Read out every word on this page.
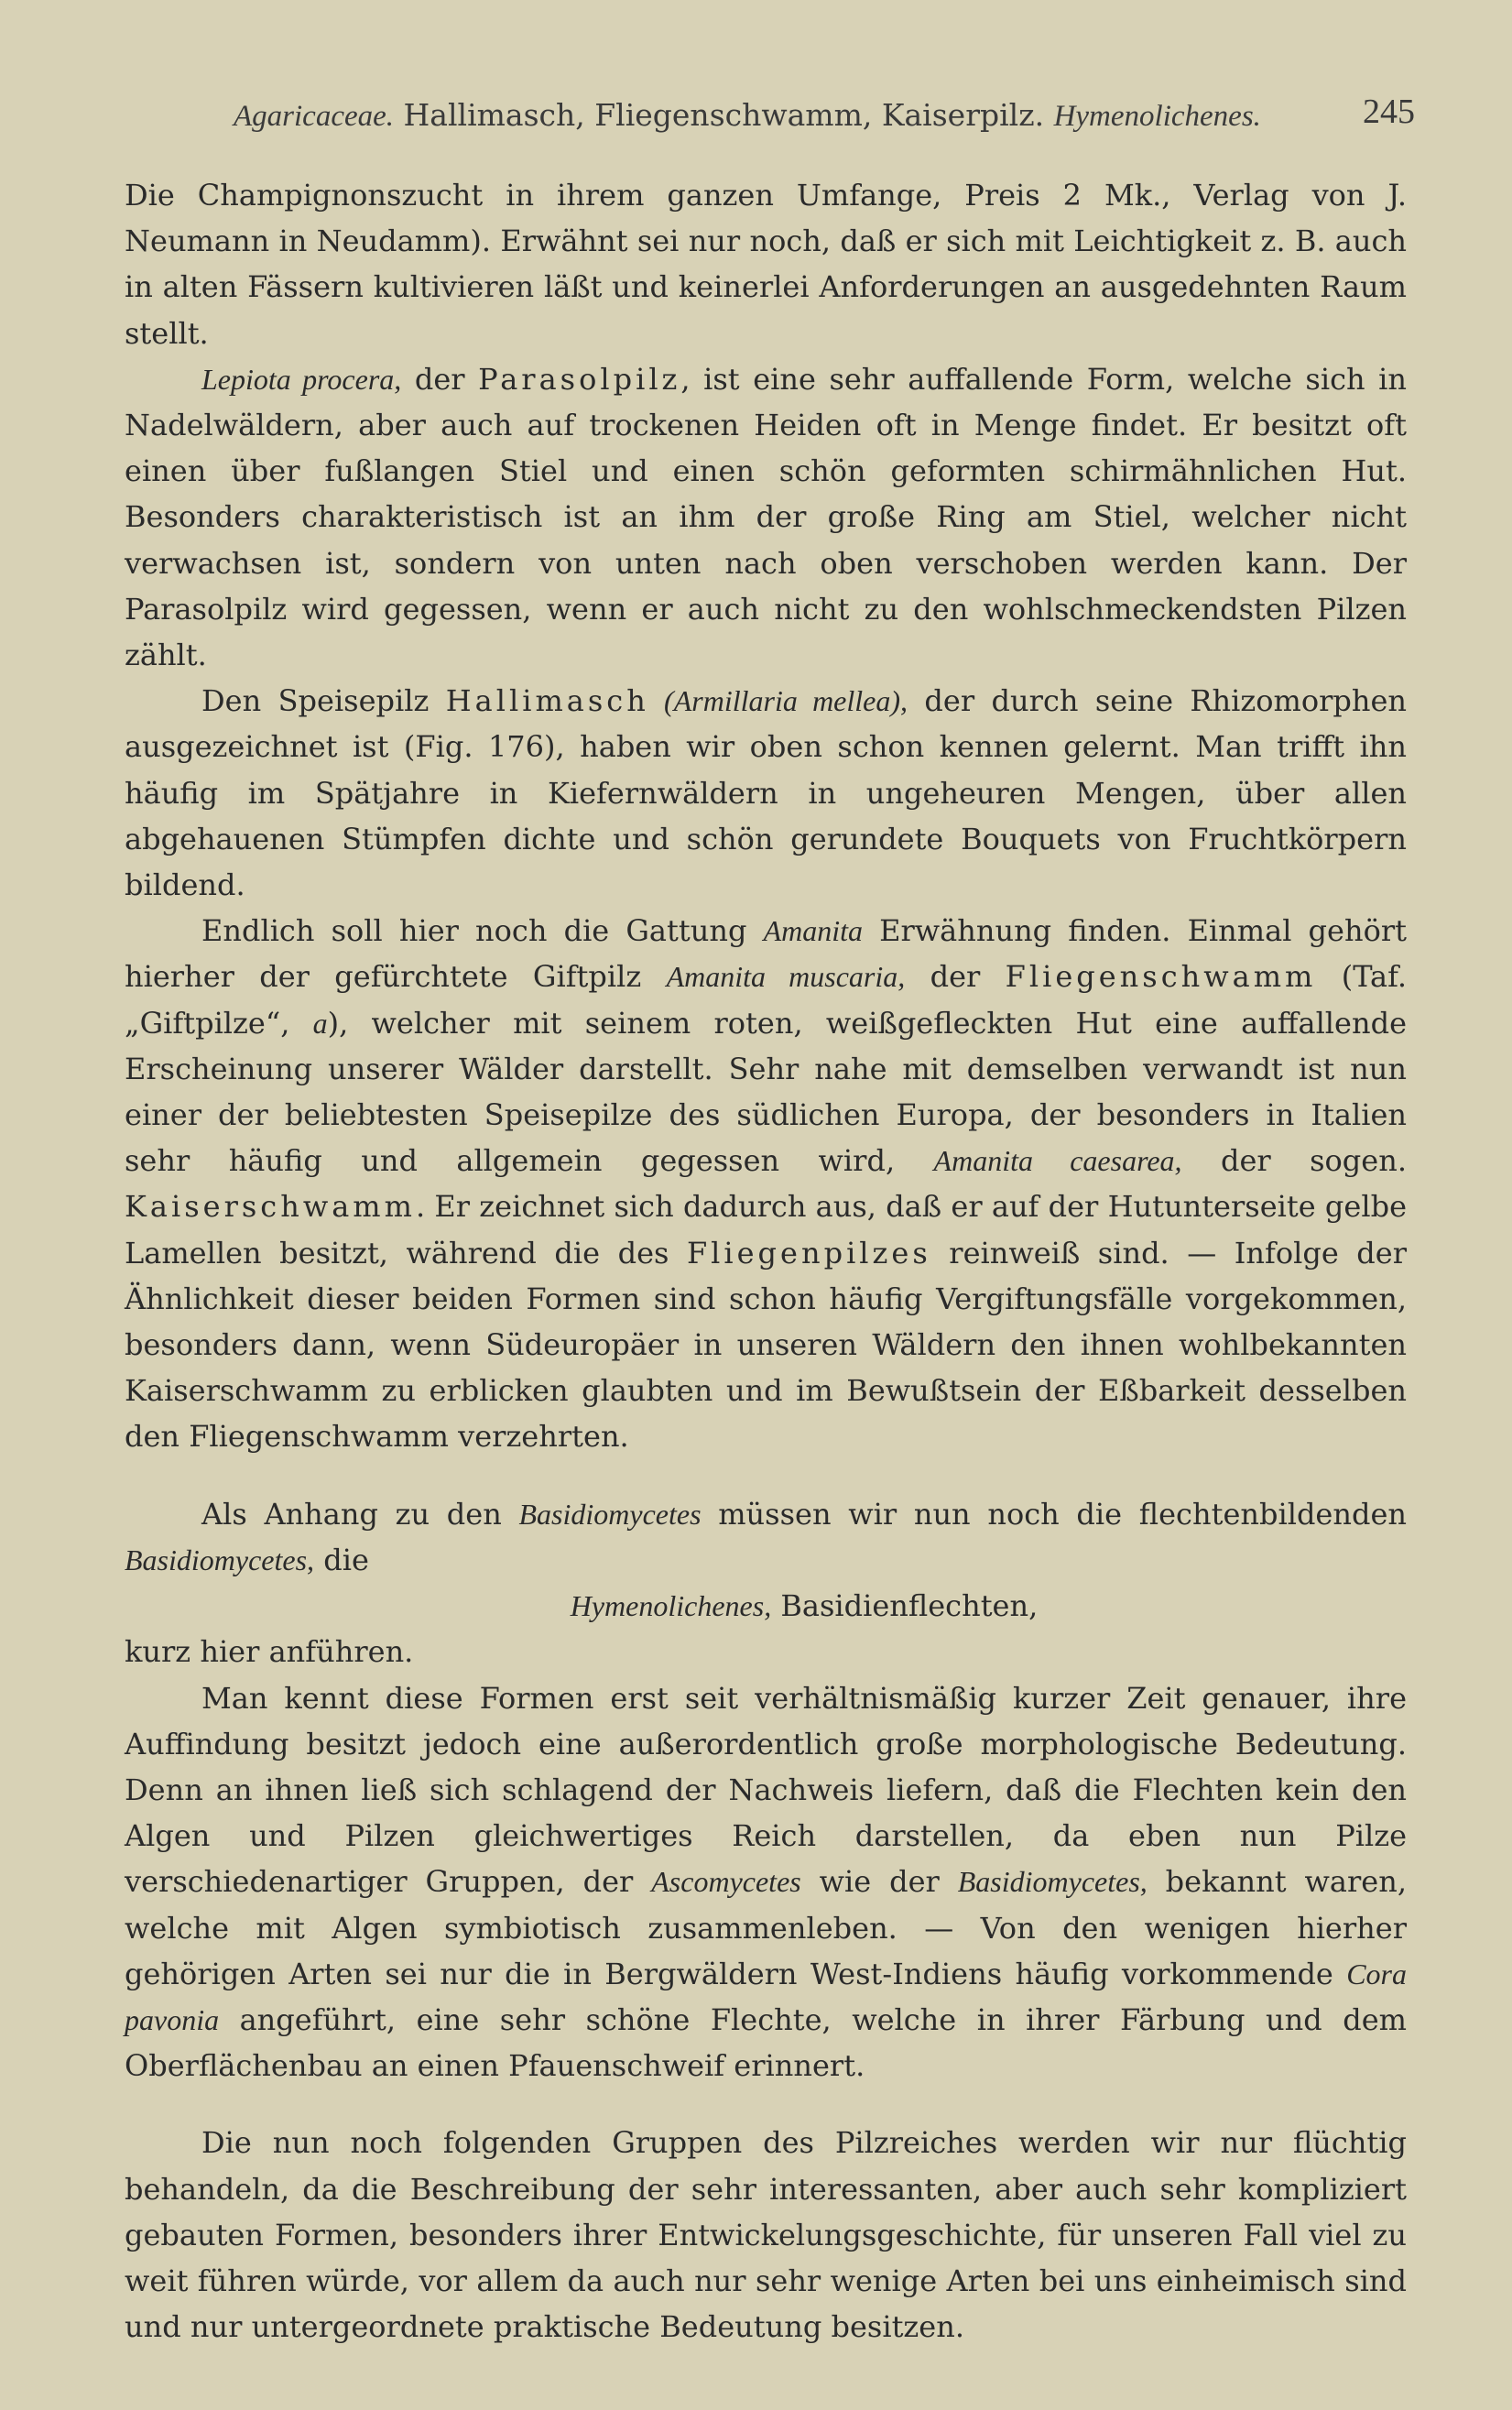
Agaricaceae. Hallimasch, Fliegenschwamm, Kaiserpilz. Hymenolichenes.	245

Die Champignonszucht in ihrem ganzen Umfange, Preis 2 Mk., Verlag von J. Neumann in Neudamm). Erwähnt sei nur noch, daß er sich mit Leichtigkeit z. B. auch in alten Fässern kultivieren läßt und keinerlei Anforderungen an ausgedehnten Raum stellt.

Lepiota procera, der Parasolpilz, ist eine sehr auffallende Form, welche sich in Nadelwäldern, aber auch auf trockenen Heiden oft in Menge findet. Er besitzt oft einen über fußlangen Stiel und einen schön geformten schirmähnlichen Hut. Besonders charakteristisch ist an ihm der große Ring am Stiel, welcher nicht verwachsen ist, sondern von unten nach oben verschoben werden kann. Der Parasolpilz wird gegessen, wenn er auch nicht zu den wohlschmeckendsten Pilzen zählt.

Den Speisepilz Hallimasch (Armillaria mellea), der durch seine Rhizomorphen ausgezeichnet ist (Fig. 176), haben wir oben schon kennen gelernt. Man trifft ihn häufig im Spätjahre in Kiefernwäldern in ungeheuren Mengen, über allen abgehauenen Stümpfen dichte und schön gerundete Bouquets von Fruchtkörpern bildend.

Endlich soll hier noch die Gattung Amanita Erwähnung finden. Einmal gehört hierher der gefürchtete Giftpilz Amanita muscaria, der Fliegenschwamm (Taf. „Giftpilze“, a), welcher mit seinem roten, weißgefleckten Hut eine auffallende Erscheinung unserer Wälder darstellt. Sehr nahe mit demselben verwandt ist nun einer der beliebtesten Speisepilze des südlichen Europa, der besonders in Italien sehr häufig und allgemein gegessen wird, Amanita caesarea, der sogen. Kaiserschwamm. Er zeichnet sich dadurch aus, daß er auf der Hutunterseite gelbe Lamellen besitzt, während die des Fliegenpilzes reinweiß sind. — Infolge der Ähnlichkeit dieser beiden Formen sind schon häufig Vergiftungsfälle vorgekommen, besonders dann, wenn Südeuropäer in unseren Wäldern den ihnen wohlbekannten Kaiserschwamm zu erblicken glaubten und im Bewußtsein der Eßbarkeit desselben den Fliegenschwamm verzehrten.

Als Anhang zu den Basidiomycetes müssen wir nun noch die flechtenbildenden Basidiomycetes, die

Hymenolichenes, Basidienflechten,

kurz hier anführen.

Man kennt diese Formen erst seit verhältnismäßig kurzer Zeit genauer, ihre Auffindung besitzt jedoch eine außerordentlich große morphologische Bedeutung. Denn an ihnen ließ sich schlagend der Nachweis liefern, daß die Flechten kein den Algen und Pilzen gleichwertiges Reich darstellen, da eben nun Pilze verschiedenartiger Gruppen, der Ascomycetes wie der Basidiomycetes, bekannt waren, welche mit Algen symbiotisch zusammenleben. — Von den wenigen hierher gehörigen Arten sei nur die in Bergwäldern West-Indiens häufig vorkommende Cora pavonia angeführt, eine sehr schöne Flechte, welche in ihrer Färbung und dem Oberflächenbau an einen Pfauenschweif erinnert.

Die nun noch folgenden Gruppen des Pilzreiches werden wir nur flüchtig behandeln, da die Beschreibung der sehr interessanten, aber auch sehr kompliziert gebauten Formen, besonders ihrer Entwickelungsgeschichte, für unseren Fall viel zu weit führen würde, vor allem da auch nur sehr wenige Arten bei uns einheimisch sind und nur untergeordnete praktische Bedeutung besitzen.
